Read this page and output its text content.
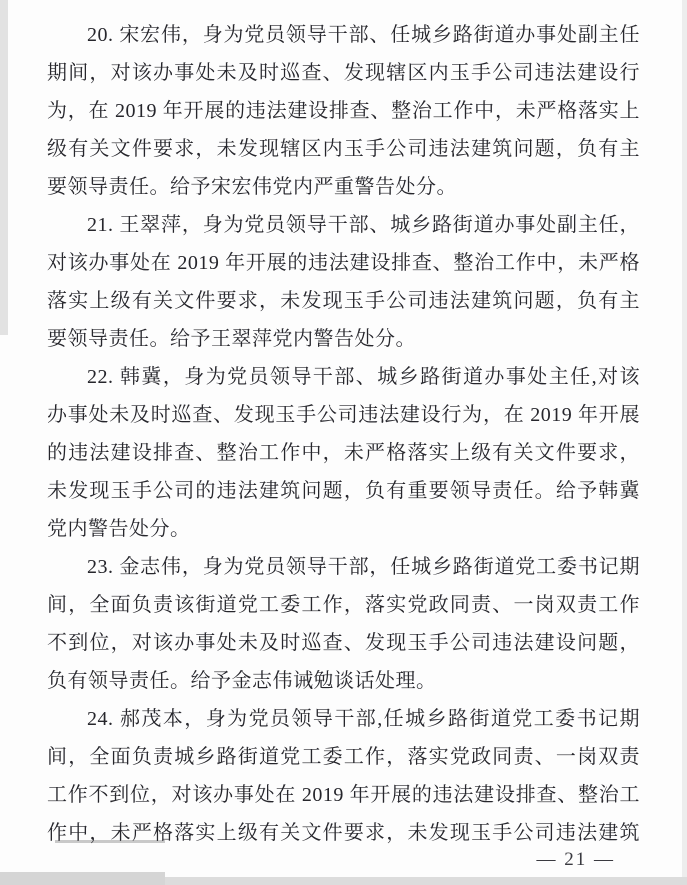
20. 宋宏伟，身为党员领导干部、任城乡路街道办事处副主任
期间，对该办事处未及时巡查、发现辖区内玉手公司违法建设行
为，在 2019 年开展的违法建设排查、整治工作中，未严格落实上
级有关文件要求，未发现辖区内玉手公司违法建筑问题，负有主
要领导责任。给予宋宏伟党内严重警告处分。
21. 王翠萍，身为党员领导干部、城乡路街道办事处副主任，
对该办事处在 2019 年开展的违法建设排查、整治工作中，未严格
落实上级有关文件要求，未发现玉手公司违法建筑问题，负有主
要领导责任。给予王翠萍党内警告处分。
22. 韩冀，身为党员领导干部、城乡路街道办事处主任,对该
办事处未及时巡查、发现玉手公司违法建设行为，在 2019 年开展
的违法建设排查、整治工作中，未严格落实上级有关文件要求，
未发现玉手公司的违法建筑问题，负有重要领导责任。给予韩冀
党内警告处分。
23. 金志伟，身为党员领导干部，任城乡路街道党工委书记期
间，全面负责该街道党工委工作，落实党政同责、一岗双责工作
不到位，对该办事处未及时巡查、发现玉手公司违法建设问题，
负有领导责任。给予金志伟诫勉谈话处理。
24. 郝茂本，身为党员领导干部,任城乡路街道党工委书记期
间，全面负责城乡路街道党工委工作，落实党政同责、一岗双责
工作不到位，对该办事处在 2019 年开展的违法建设排查、整治工
作中，未严格落实上级有关文件要求，未发现玉手公司违法建筑
— 21 —
